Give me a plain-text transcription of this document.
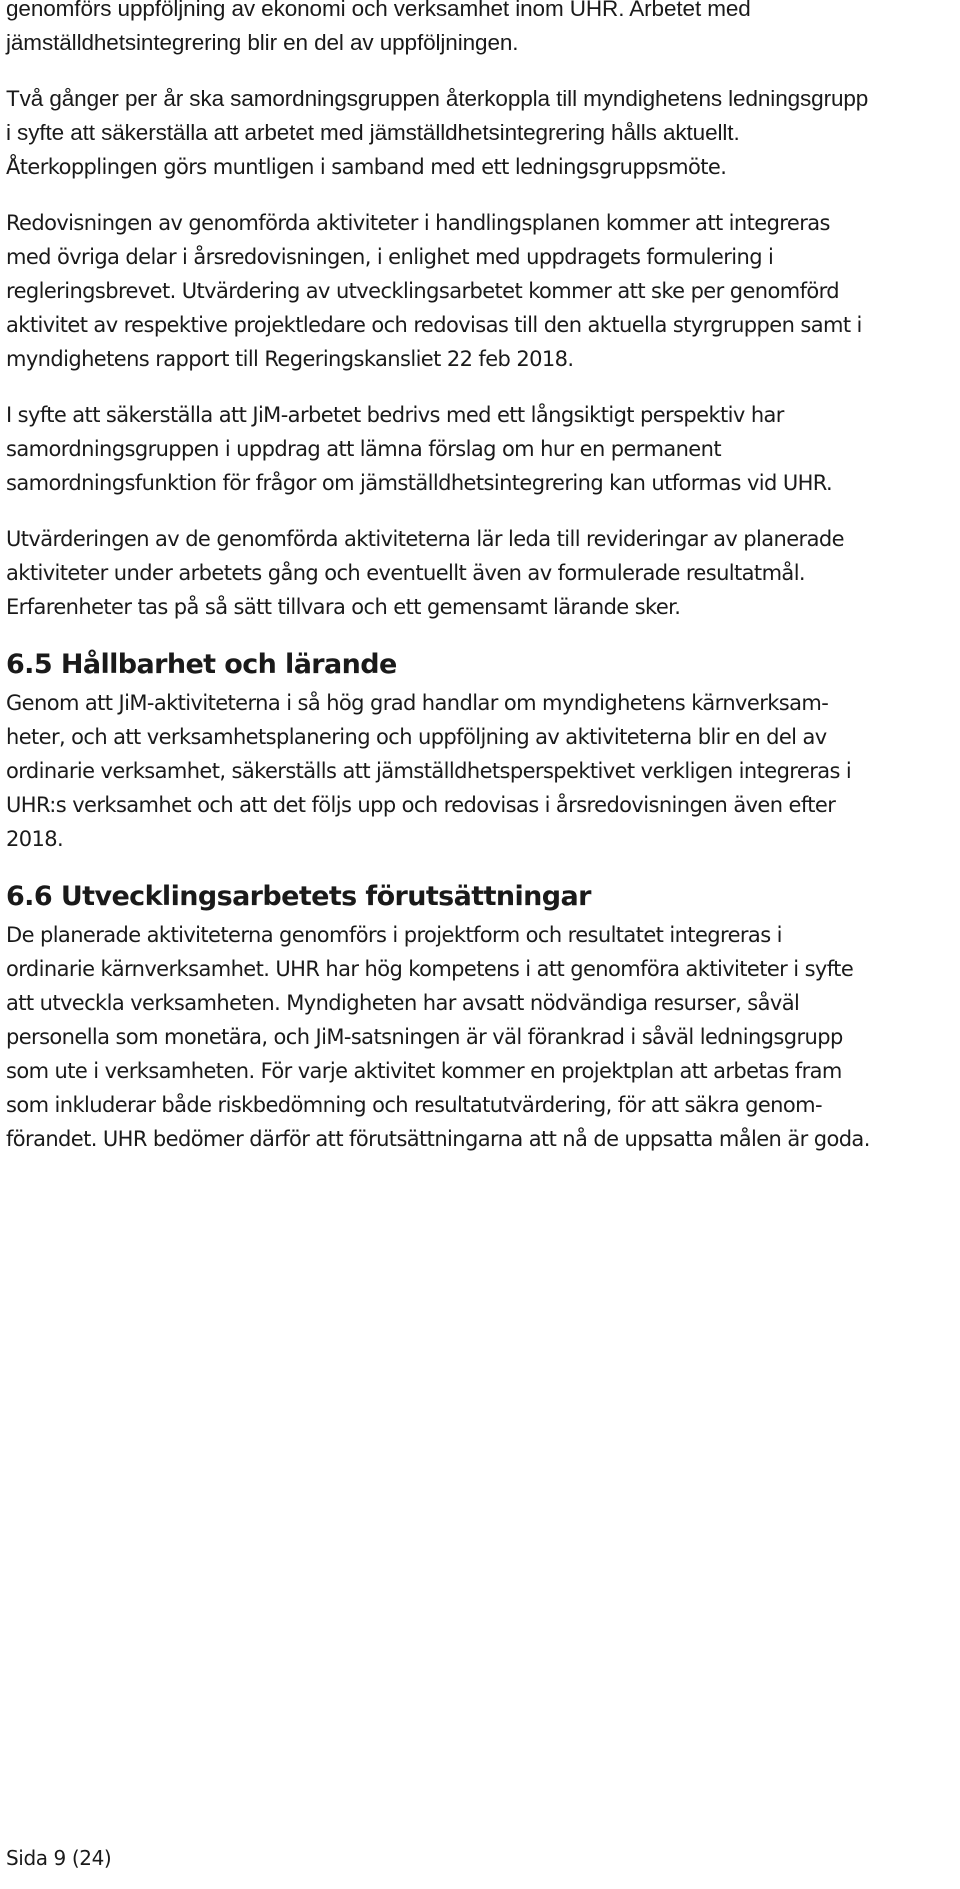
genomförs uppföljning av ekonomi och verksamhet inom UHR. Arbetet med
jämställdhetsintegrering blir en del av uppföljningen.
Två gånger per år ska samordningsgruppen återkoppla till myndighetens ledningsgrupp
i syfte att säkerställa att arbetet med jämställdhetsintegrering hålls aktuellt.
Återkopplingen görs muntligen i samband med ett ledningsgruppsmöte.
Redovisningen av genomförda aktiviteter i handlingsplanen kommer att integreras
med övriga delar i årsredovisningen, i enlighet med uppdragets formulering i
regleringsbrevet. Utvärdering av utvecklingsarbetet kommer att ske per genomförd
aktivitet av respektive projektledare och redovisas till den aktuella styrgruppen samt i
myndighetens rapport till Regeringskansliet 22 feb 2018.
I syfte att säkerställa att JiM-arbetet bedrivs med ett långsiktigt perspektiv har
samordningsgruppen i uppdrag att lämna förslag om hur en permanent
samordningsfunktion för frågor om jämställdhetsintegrering kan utformas vid UHR.
Utvärderingen av de genomförda aktiviteterna lär leda till revideringar av planerade
aktiviteter under arbetets gång och eventuellt även av formulerade resultatmål.
Erfarenheter tas på så sätt tillvara och ett gemensamt lärande sker.
6.5 Hållbarhet och lärande
Genom att JiM-aktiviteterna i så hög grad handlar om myndighetens kärnverksam-
heter, och att verksamhetsplanering och uppföljning av aktiviteterna blir en del av
ordinarie verksamhet, säkerställs att jämställdhetsperspektivet verkligen integreras i
UHR:s verksamhet och att det följs upp och redovisas i årsredovisningen även efter
2018.
6.6 Utvecklingsarbetets förutsättningar
De planerade aktiviteterna genomförs i projektform och resultatet integreras i
ordinarie kärnverksamhet. UHR har hög kompetens i att genomföra aktiviteter i syfte
att utveckla verksamheten. Myndigheten har avsatt nödvändiga resurser, såväl
personella som monetära, och JiM-satsningen är väl förankrad i såväl ledningsgrupp
som ute i verksamheten. För varje aktivitet kommer en projektplan att arbetas fram
som inkluderar både riskbedömning och resultatutvärdering, för att säkra genom-
förandet. UHR bedömer därför att förutsättningarna att nå de uppsatta målen är goda.
Sida 9 (24)
